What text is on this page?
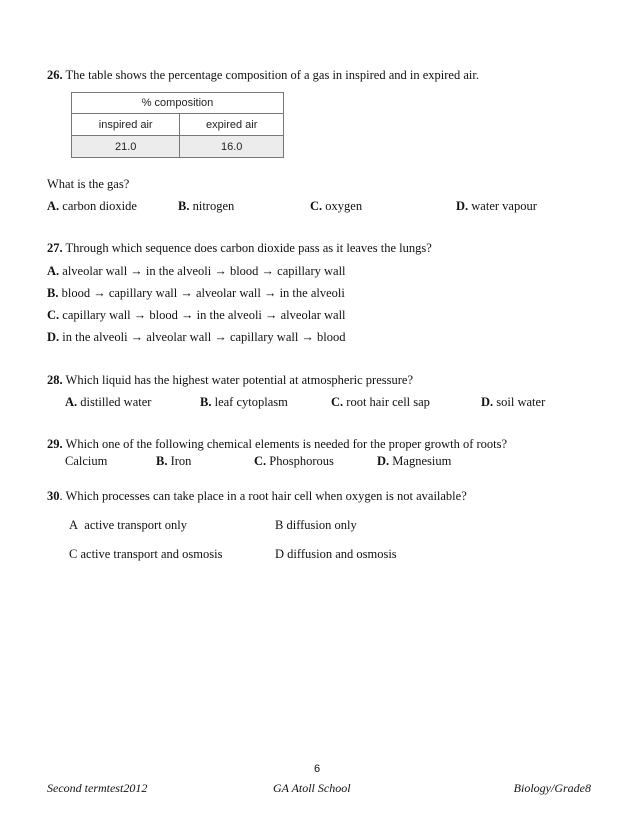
26. The table shows the percentage composition of a gas in inspired and in expired air.
% composition	
inspired air	expired air
21.0	16.0
What is the gas?
A. carbon dioxide	B. nitrogen	C. oxygen	D. water vapour
27. Through which sequence does carbon dioxide pass as it leaves the lungs?
A. alveolar wall → in the alveoli → blood → capillary wall
B. blood → capillary wall → alveolar wall → in the alveoli
C. capillary wall → blood → in the alveoli → alveolar wall
D. in the alveoli → alveolar wall → capillary wall → blood
28. Which liquid has the highest water potential at atmospheric pressure?
A. distilled water	B. leaf cytoplasm	C. root hair cell sap	D. soil water
29. Which one of the following chemical elements is needed for the proper growth of roots?
Calcium	B. Iron	C. Phosphorous	D. Magnesium
30. Which processes can take place in a root hair cell when oxygen is not available?
A active transport only	B diffusion only
C active transport and osmosis	D diffusion and osmosis
6
Second termtest2012	GA Atoll School	Biology/Grade8
